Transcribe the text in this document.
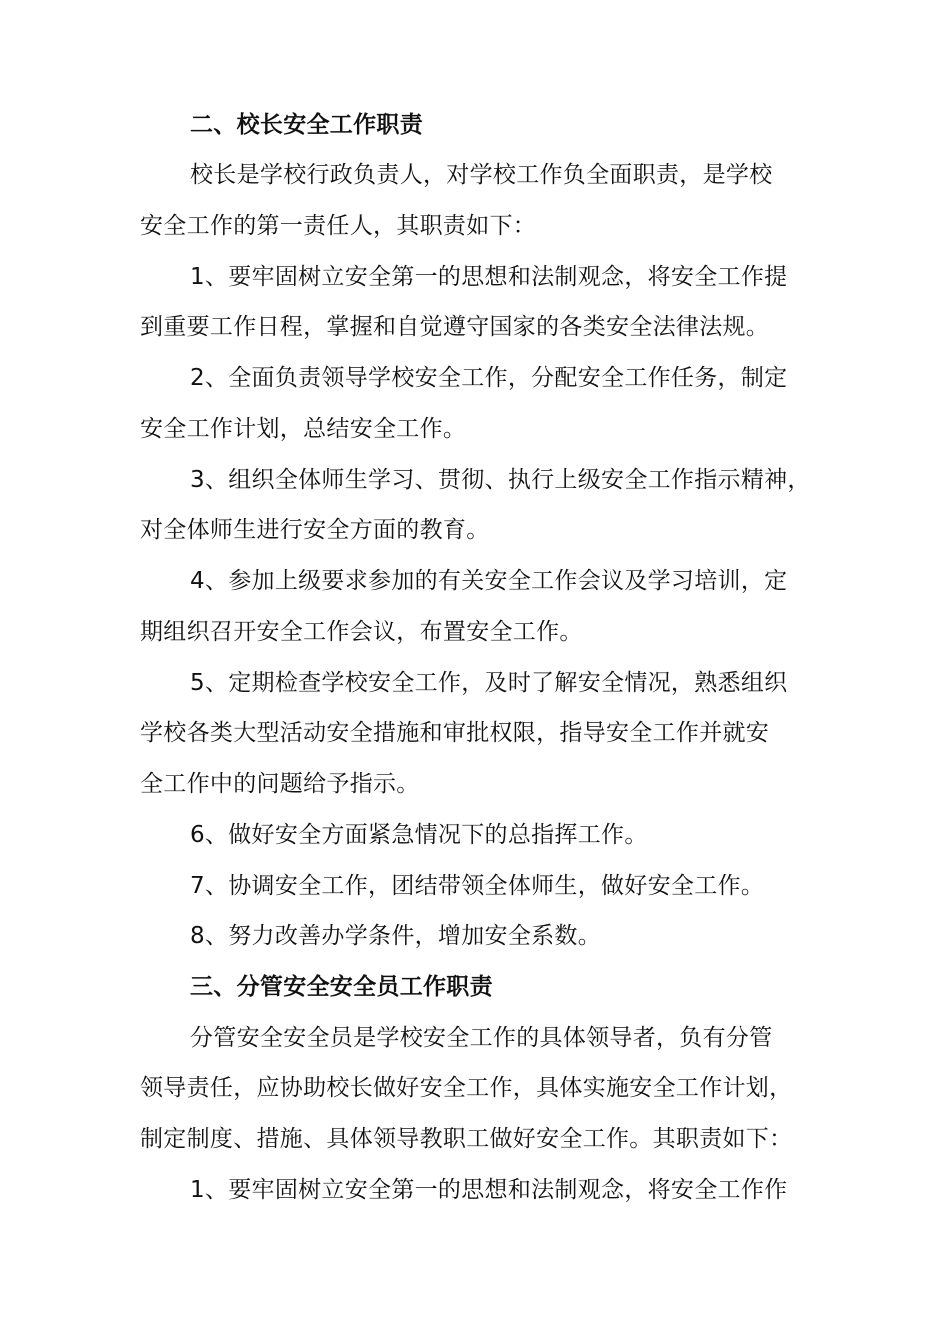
二、校长安全工作职责
校长是学校行政负责人，对学校工作负全面职责，是学校
安全工作的第一责任人，其职责如下：
1、要牢固树立安全第一的思想和法制观念，将安全工作提
到重要工作日程，掌握和自觉遵守国家的各类安全法律法规。
2、全面负责领导学校安全工作，分配安全工作任务，制定
安全工作计划，总结安全工作。
3、组织全体师生学习、贯彻、执行上级安全工作指示精神，
对全体师生进行安全方面的教育。
4、参加上级要求参加的有关安全工作会议及学习培训，定
期组织召开安全工作会议，布置安全工作。
5、定期检查学校安全工作，及时了解安全情况，熟悉组织
学校各类大型活动安全措施和审批权限，指导安全工作并就安
全工作中的问题给予指示。
6、做好安全方面紧急情况下的总指挥工作。
7、协调安全工作，团结带领全体师生，做好安全工作。
8、努力改善办学条件，增加安全系数。
三、分管安全安全员工作职责
分管安全安全员是学校安全工作的具体领导者，负有分管
领导责任，应协助校长做好安全工作，具体实施安全工作计划，
制定制度、措施、具体领导教职工做好安全工作。其职责如下：
1、要牢固树立安全第一的思想和法制观念，将安全工作作
